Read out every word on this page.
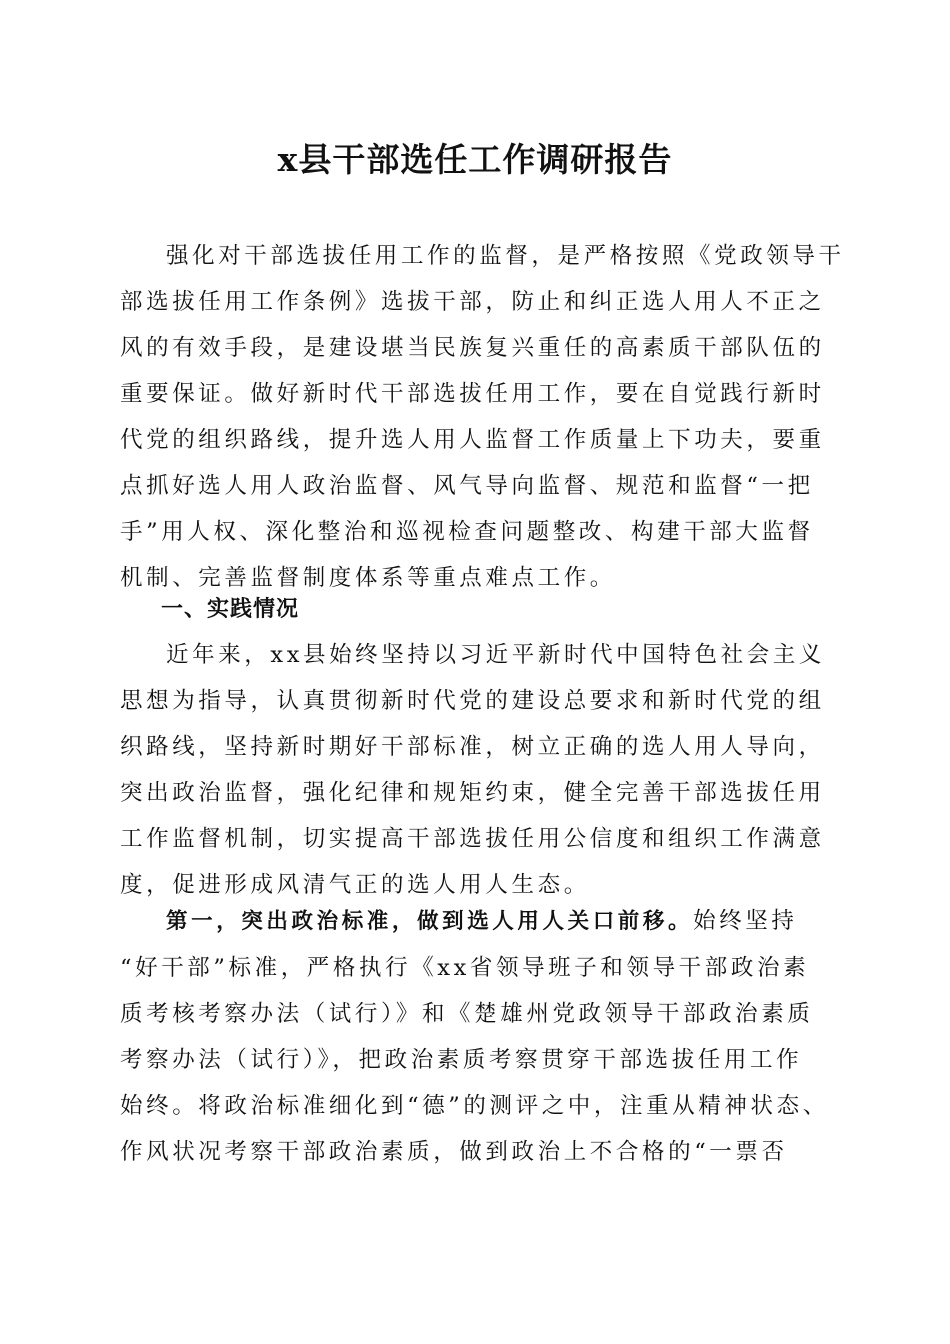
x县干部选任工作调研报告
强化对干部选拔任用工作的监督，是严格按照《党政领导干
部选拔任用工作条例》选拔干部，防止和纠正选人用人不正之
风的有效手段，是建设堪当民族复兴重任的高素质干部队伍的
重要保证。做好新时代干部选拔任用工作，要在自觉践行新时
代党的组织路线，提升选人用人监督工作质量上下功夫，要重
点抓好选人用人政治监督、风气导向监督、规范和监督“一把
手”用人权、深化整治和巡视检查问题整改、构建干部大监督
机制、完善监督制度体系等重点难点工作。
一、实践情况
近年来，xx县始终坚持以习近平新时代中国特色社会主义
思想为指导，认真贯彻新时代党的建设总要求和新时代党的组
织路线，坚持新时期好干部标准，树立正确的选人用人导向，
突出政治监督，强化纪律和规矩约束，健全完善干部选拔任用
工作监督机制，切实提高干部选拔任用公信度和组织工作满意
度，促进形成风清气正的选人用人生态。
第一，突出政治标准，做到选人用人关口前移。始终坚持
“好干部”标准，严格执行《xx省领导班子和领导干部政治素
质考核考察办法（试行）》和《楚雄州党政领导干部政治素质
考察办法（试行）》，把政治素质考察贯穿干部选拔任用工作
始终。将政治标准细化到“德”的测评之中，注重从精神状态、
作风状况考察干部政治素质，做到政治上不合格的“一票否
